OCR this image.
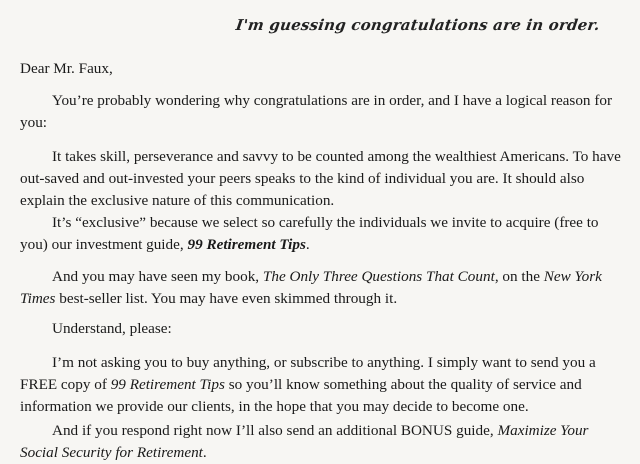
I'm guessing congratulations are in order.
Dear Mr. Faux,

You’re probably wondering why congratulations are in order, and I have a logical reason for you:

It takes skill, perseverance and savvy to be counted among the wealthiest Americans. To have out-saved and out-invested your peers speaks to the kind of individual you are. It should also explain the exclusive nature of this communication.

It’s “exclusive” because we select so carefully the individuals we invite to acquire (free to you) our investment guide, 99 Retirement Tips.

And you may have seen my book, The Only Three Questions That Count, on the New York Times best-seller list. You may have even skimmed through it.

Understand, please:

I’m not asking you to buy anything, or subscribe to anything. I simply want to send you a FREE copy of 99 Retirement Tips so you’ll know something about the quality of service and information we provide our clients, in the hope that you may decide to become one.

And if you respond right now I’ll also send an additional BONUS guide, Maximize Your Social Security for Retirement.
